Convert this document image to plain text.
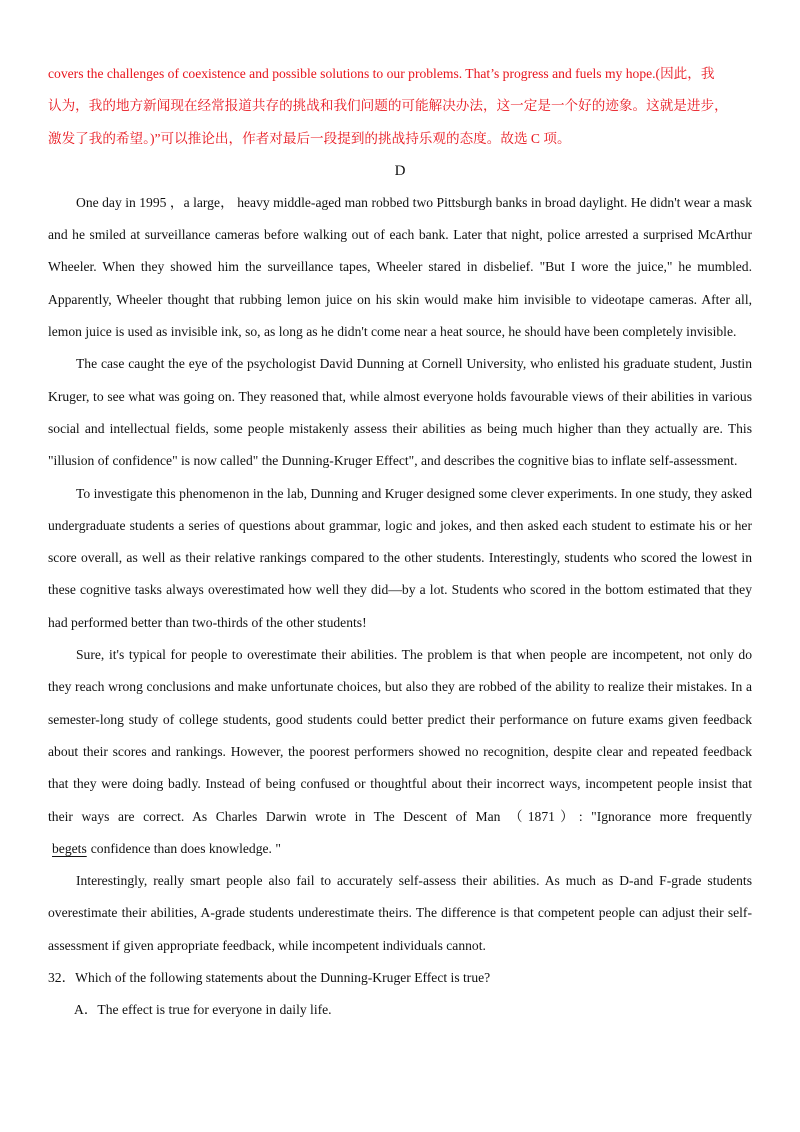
covers the challenges of coexistence and possible solutions to our problems. That’s progress and fuels my hope.(因此，我

认为，我的地方新闻现在经常报道共存的挑战和我们问题的可能解决办法，这一定是一个好的迹象。这就是进步，

激发了我的希望。)”可以推论出，作者对最后一段提到的挑战持乐观的态度。故选 C 项。

D

One day in 1995 ，a large， heavy middle-aged man robbed two Pittsburgh banks in broad daylight. He didn't wear a mask and he smiled at surveillance cameras before walking out of each bank. Later that night, police arrested a surprised McArthur Wheeler. When they showed him the surveillance tapes, Wheeler stared in disbelief. "But I wore the juice," he mumbled. Apparently, Wheeler thought that rubbing lemon juice on his skin would make him invisible to videotape cameras. After all, lemon juice is used as invisible ink, so, as long as he didn't come near a heat source, he should have been completely invisible.

The case caught the eye of the psychologist David Dunning at Cornell University, who enlisted his graduate student, Justin Kruger, to see what was going on. They reasoned that, while almost everyone holds favourable views of their abilities in various social and intellectual fields, some people mistakenly assess their abilities as being much higher than they actually are. This "illusion of confidence" is now called" the Dunning-Kruger Effect", and describes the cognitive bias to inflate self-assessment.

To investigate this phenomenon in the lab, Dunning and Kruger designed some clever experiments. In one study, they asked undergraduate students a series of questions about grammar, logic and jokes, and then asked each student to estimate his or her score overall, as well as their relative rankings compared to the other students. Interestingly, students who scored the lowest in these cognitive tasks always overestimated how well they did—by a lot. Students who scored in the bottom estimated that they had performed better than two-thirds of the other students!

Sure, it's typical for people to overestimate their abilities. The problem is that when people are incompetent, not only do they reach wrong conclusions and make unfortunate choices, but also they are robbed of the ability to realize their mistakes. In a semester-long study of college students, good students could better predict their performance on future exams given feedback about their scores and rankings. However, the poorest performers showed no recognition, despite clear and repeated feedback that they were doing badly. Instead of being confused or thoughtful about their incorrect ways, incompetent people insist that their ways are correct. As Charles Darwin wrote in The Descent of Man （1871）: "Ignorance more frequently begets confidence than does knowledge. "

Interestingly, really smart people also fail to accurately self-assess their abilities. As much as D-and F-grade students overestimate their abilities, A-grade students underestimate theirs. The difference is that competent people can adjust their self-assessment if given appropriate feedback, while incompetent individuals cannot.

32．Which of the following statements about the Dunning-Kruger Effect is true?

A．The effect is true for everyone in daily life.
